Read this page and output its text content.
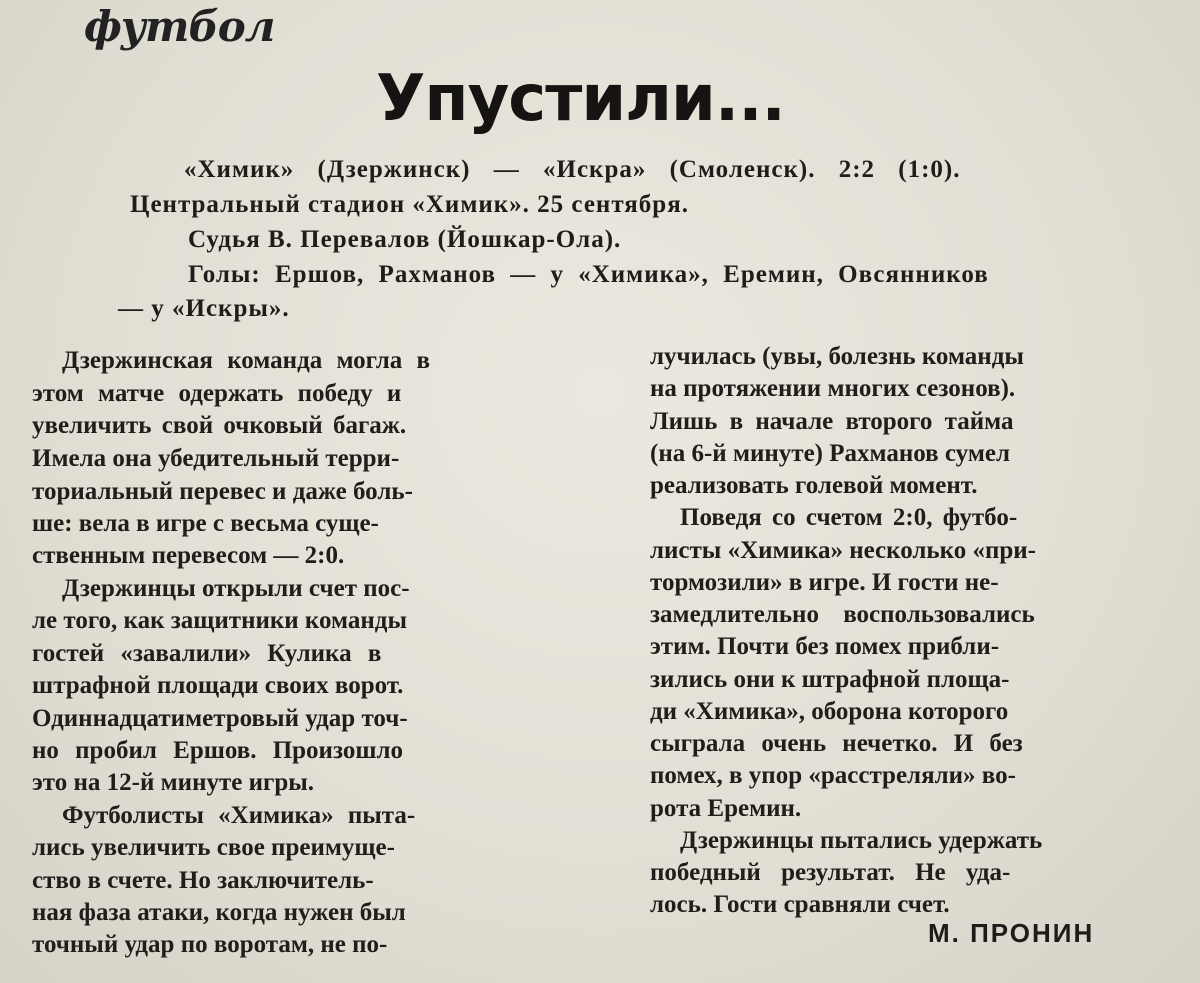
футбол
Упустили...
«Химик» (Дзержинск) — «Искра» (Смоленск). 2:2 (1:0).
Центральный стадион «Химик». 25 сентября.
Судья В. Перевалов (Йошкар-Ола).
Голы: Ершов, Рахманов — у «Химика», Еремин, Овсянников
— у «Искры».
Дзержинская команда могла в
этом матче одержать победу и
увеличить свой очковый багаж.
Имела она убедительный терри-
ториальный перевес и даже боль-
ше: вела в игре с весьма суще-
ственным перевесом — 2:0.
Дзержинцы открыли счет пос-
ле того, как защитники команды
гостей «завалили» Кулика в
штрафной площади своих ворот.
Одиннадцатиметровый удар точ-
но пробил Ершов. Произошло
это на 12-й минуте игры.
Футболисты «Химика» пыта-
лись увеличить свое преимуще-
ство в счете. Но заключитель-
ная фаза атаки, когда нужен был
точный удар по воротам, не по-
лучилась (увы, болезнь команды
на протяжении многих сезонов).
Лишь в начале второго тайма
(на 6-й минуте) Рахманов сумел
реализовать голевой момент.
Поведя со счетом 2:0, футбо-
листы «Химика» несколько «при-
тормозили» в игре. И гости не-
замедлительно воспользовались
этим. Почти без помех прибли-
зились они к штрафной площа-
ди «Химика», оборона которого
сыграла очень нечетко. И без
помех, в упор «расстреляли» во-
рота Еремин.
Дзержинцы пытались удержать
победный результат. Не уда-
лось. Гости сравняли счет.
М. ПРОНИН
